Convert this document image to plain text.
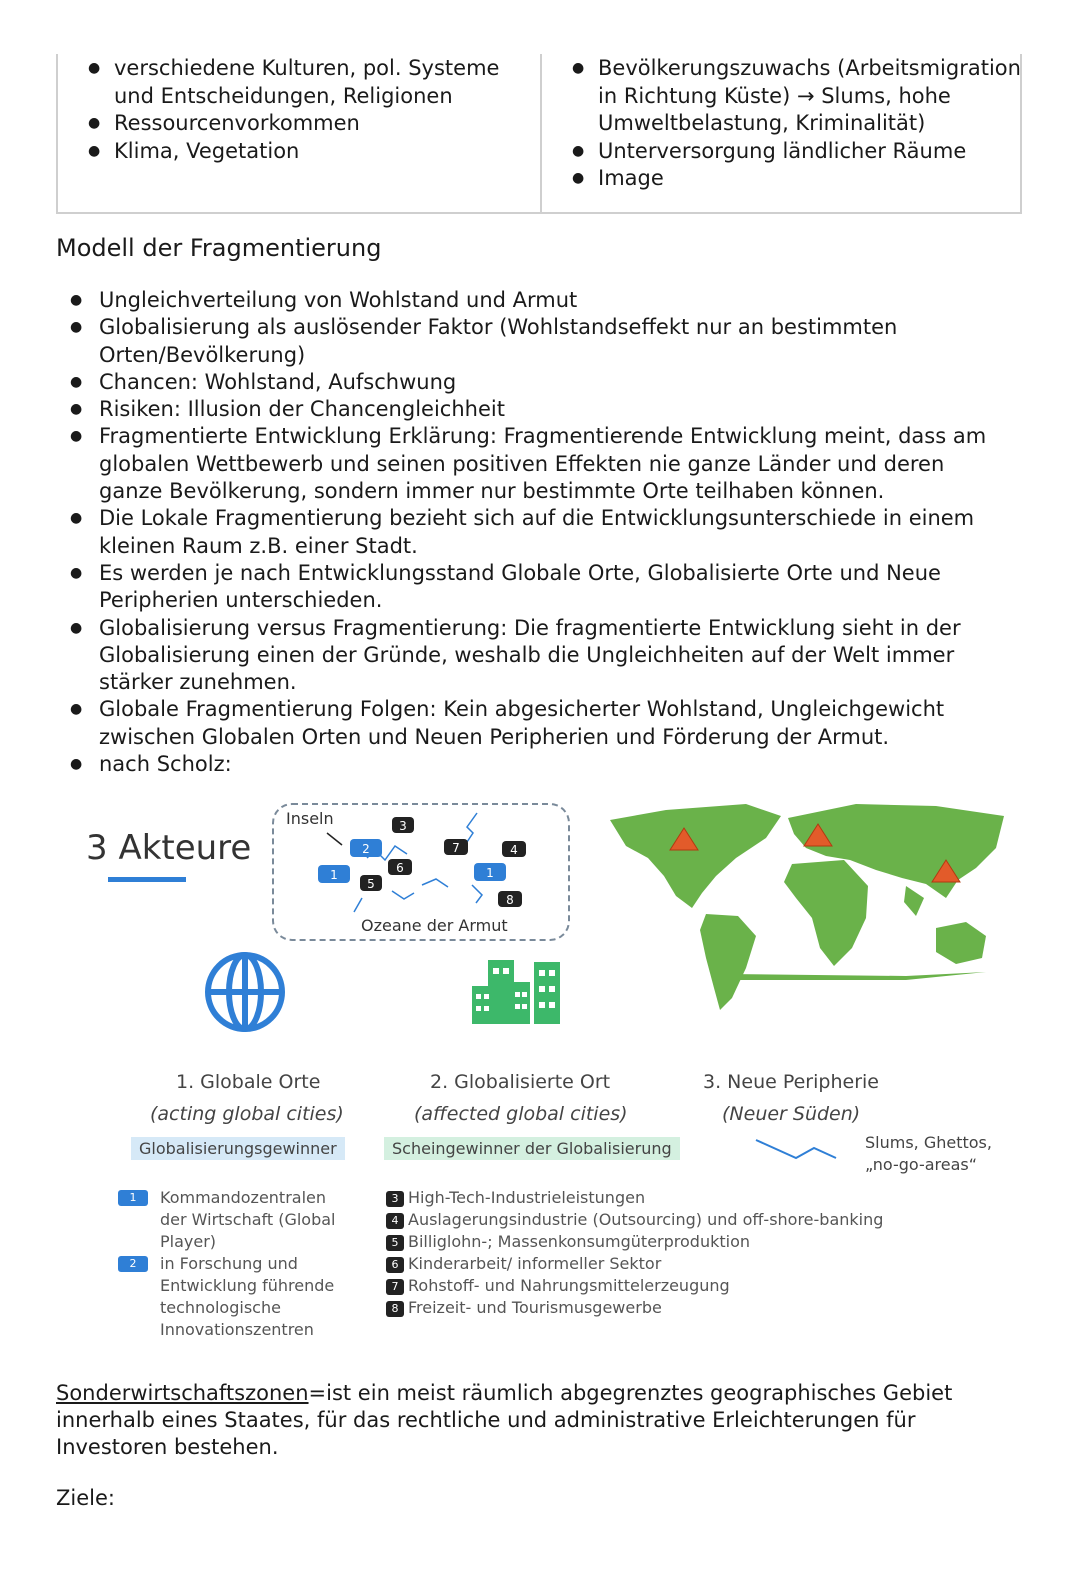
● verschiedene Kulturen, pol. Systeme und Entscheidungen, Religionen
● Ressourcenvorkommen
● Klima, Vegetation
● Bevölkerungszuwachs (Arbeitsmigration in Richtung Küste) → Slums, hohe Umweltbelastung, Kriminalität)
● Unterversorgung ländlicher Räume
● Image
Modell der Fragmentierung
● Ungleichverteilung von Wohlstand und Armut
● Globalisierung als auslösender Faktor (Wohlstandseffekt nur an bestimmten Orten/Bevölkerung)
● Chancen: Wohlstand, Aufschwung
● Risiken: Illusion der Chancengleichheit
● Fragmentierte Entwicklung Erklärung: Fragmentierende Entwicklung meint, dass am globalen Wettbewerb und seinen positiven Effekten nie ganze Länder und deren ganze Bevölkerung, sondern immer nur bestimmte Orte teilhaben können.
● Die Lokale Fragmentierung bezieht sich auf die Entwicklungsunterschiede in einem kleinen Raum z.B. einer Stadt.
● Es werden je nach Entwicklungsstand Globale Orte, Globalisierte Orte und Neue Peripherien unterschieden.
● Globalisierung versus Fragmentierung: Die fragmentierte Entwicklung sieht in der Globalisierung einen der Gründe, weshalb die Ungleichheiten auf der Welt immer stärker zunehmen.
● Globale Fragmentierung Folgen: Kein abgesicherter Wohlstand, Ungleichgewicht zwischen Globalen Orten und Neuen Peripherien und Förderung der Armut.
● nach Scholz:
3 Akteure
Inseln
Ozeane der Armut
1
2
3
4
5
6
7
1
8
1. Globale Orte
(acting global cities)
Globalisierungsgewinner
2. Globalisierte Ort
(affected global cities)
Scheingewinner der Globalisierung
3. Neue Peripherie
(Neuer Süden)
Slums, Ghettos, „no-go-areas“
1	Kommandozentralen der Wirtschaft (Global Player)
2	in Forschung und Entwicklung führende technologische Innovationszentren
3 High-Tech-Industrieleistungen
4 Auslagerungsindustrie (Outsourcing) und off-shore-banking
5 Billiglohn-; Massenkonsumgüterproduktion
6 Kinderarbeit/ informeller Sektor
7 Rohstoff- und Nahrungsmittelerzeugung
8 Freizeit- und Tourismusgewerbe
Sonderwirtschaftszonen=ist ein meist räumlich abgegrenztes geographisches Gebiet innerhalb eines Staates, für das rechtliche und administrative Erleichterungen für Investoren bestehen.
Ziele:
